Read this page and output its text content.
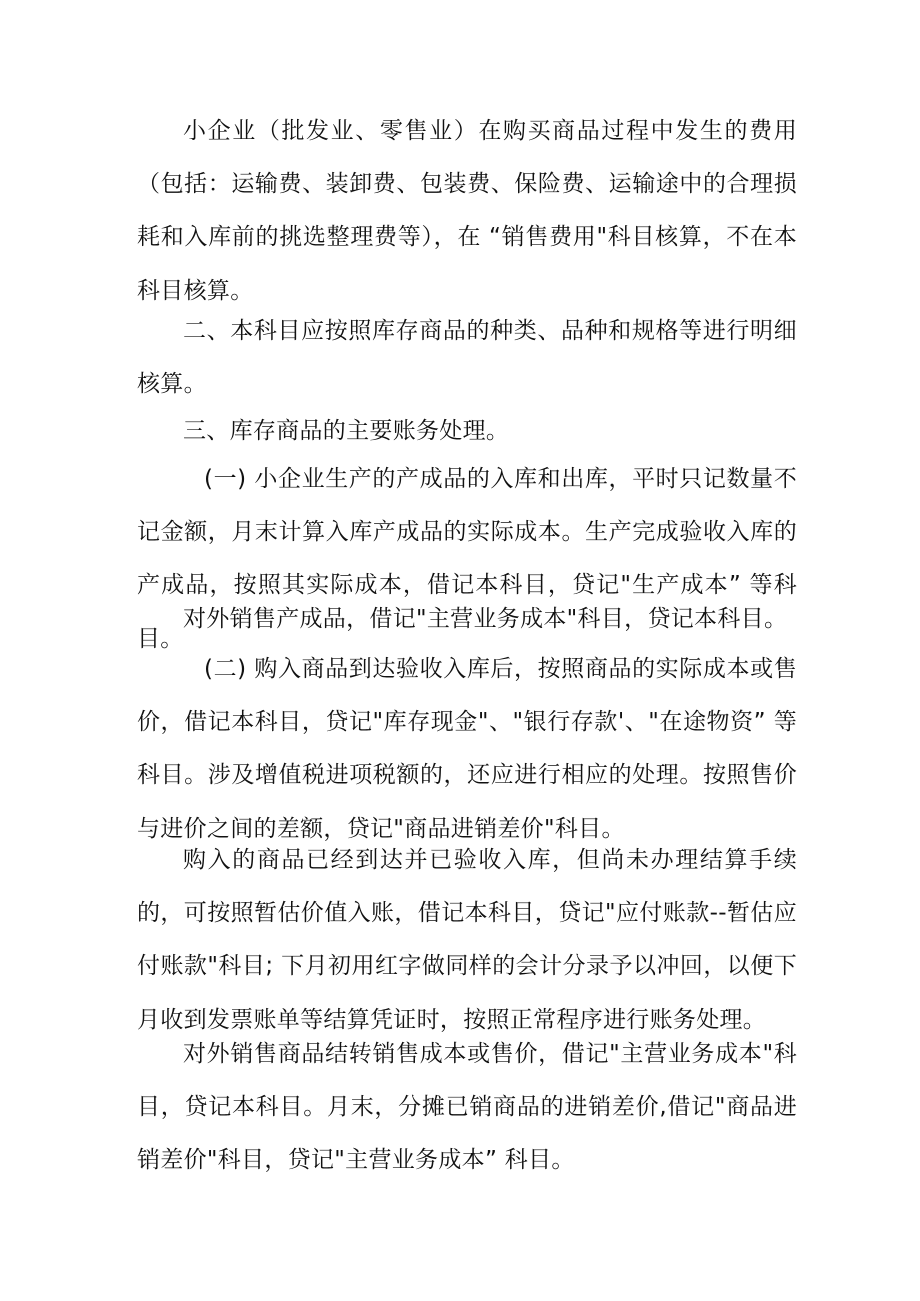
小企业（批发业、零售业）在购买商品过程中发生的费用（包括：运输费、装卸费、包装费、保险费、运输途中的合理损耗和入库前的挑选整理费等），在 “销售费用"科目核算，不在本科目核算。

二、本科目应按照库存商品的种类、品种和规格等进行明细核算。

三、库存商品的主要账务处理。

(一) 小企业生产的产成品的入库和出库，平时只记数量不记金额，月末计算入库产成品的实际成本。生产完成验收入库的产成品，按照其实际成本，借记本科目，贷记"生产成本” 等科目。

对外销售产成品，借记"主营业务成本"科目，贷记本科目。

(二) 购入商品到达验收入库后，按照商品的实际成本或售价，借记本科目，贷记"库存现金"、"银行存款'、"在途物资” 等科目。涉及增值税进项税额的，还应进行相应的处理。按照售价与进价之间的差额，贷记"商品进销差价"科目。

购入的商品已经到达并已验收入库，但尚未办理结算手续的，可按照暂估价值入账，借记本科目，贷记"应付账款--暂估应付账款"科目; 下月初用红字做同样的会计分录予以冲回，以便下月收到发票账单等结算凭证时，按照正常程序进行账务处理。

对外销售商品结转销售成本或售价，借记"主营业务成本"科目，贷记本科目。月末，分摊已销商品的进销差价,借记"商品进销差价"科目，贷记"主营业务成本” 科目。
